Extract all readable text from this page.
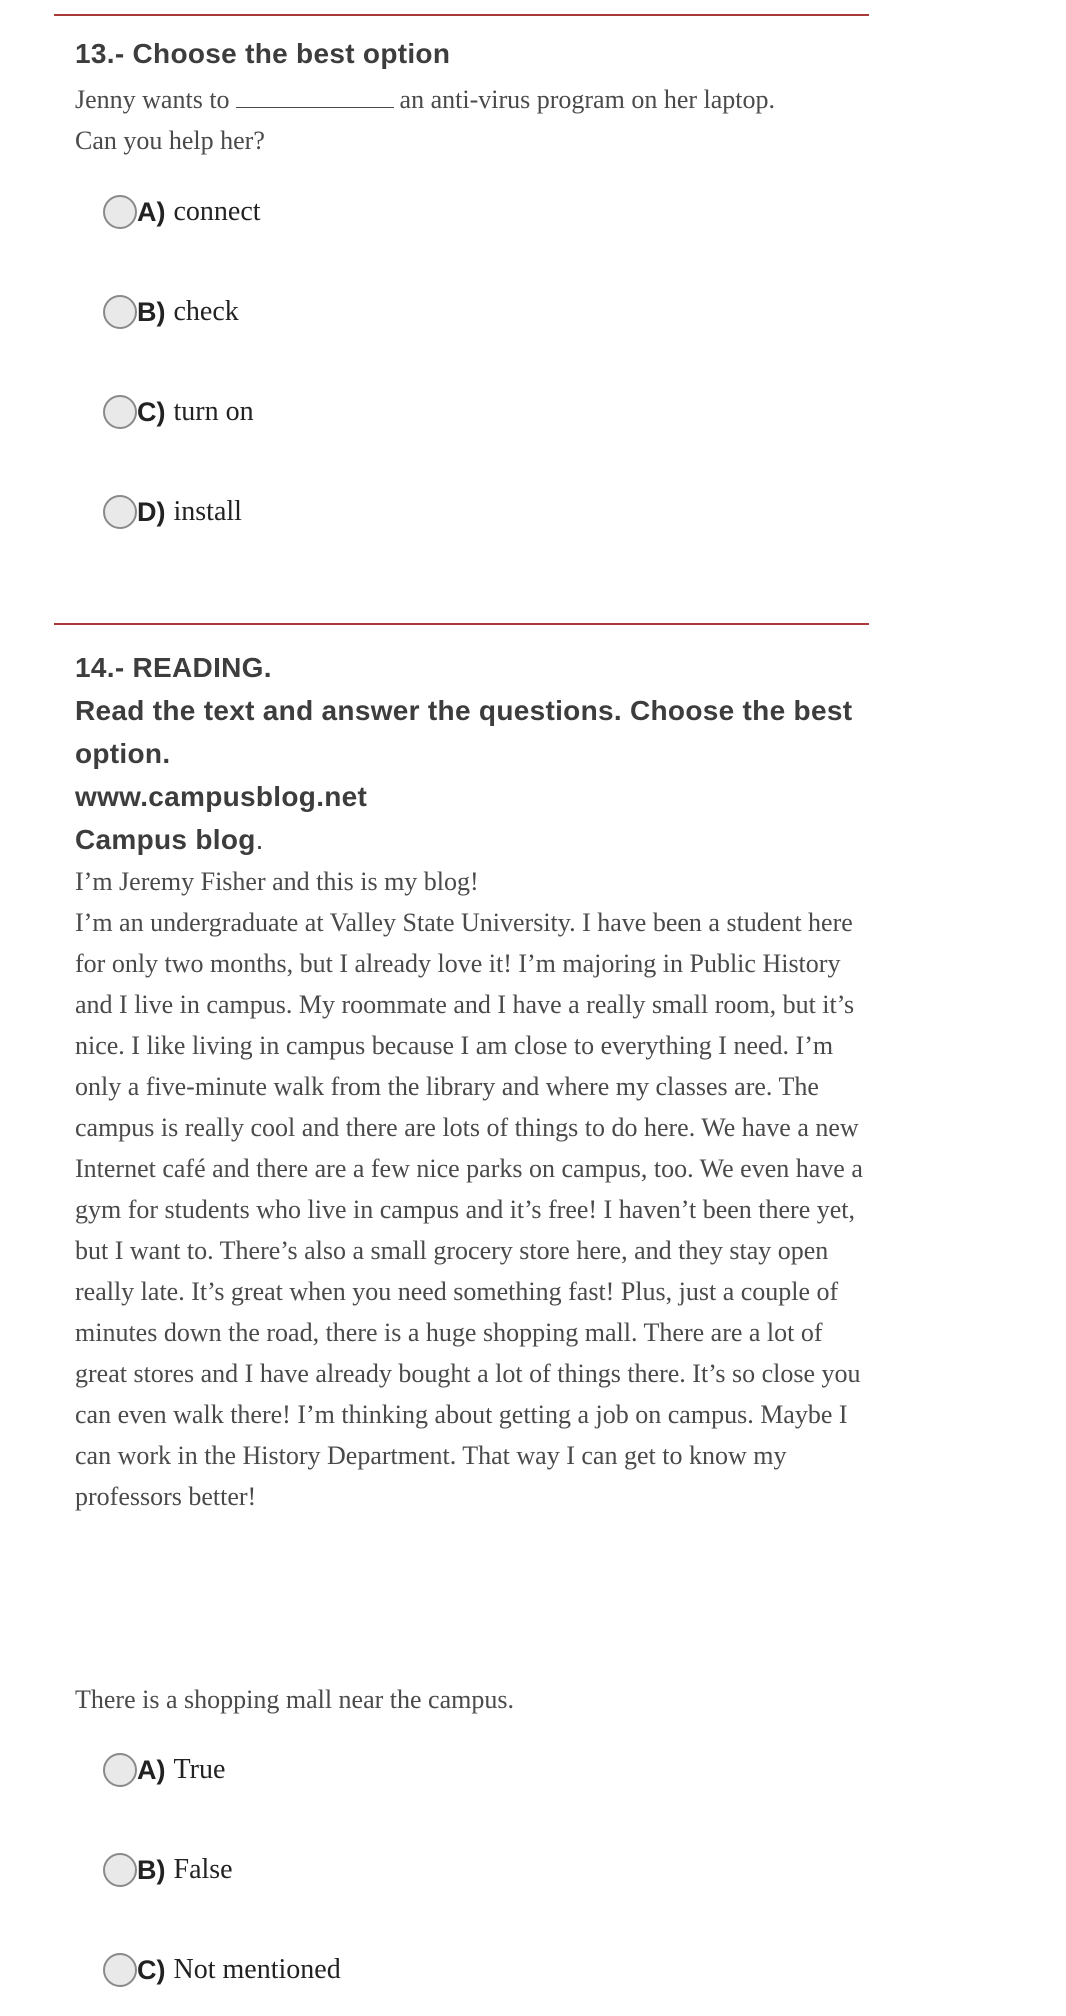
13.- Choose the best option

Jenny wants to	an anti-virus program on her laptop.

Can you help her?

A) connect
B) check
C) turn on
D) install
14.- READING.
Read the text and answer the questions. Choose the best option.
www.campusblog.net
Campus blog.

I’m Jeremy Fisher and this is my blog!

I’m an undergraduate at Valley State University. I have been a student here for only two months, but I already love it! I’m majoring in Public History and I live in campus. My roommate and I have a really small room, but it’s nice. I like living in campus because I am close to everything I need. I’m only a five-minute walk from the library and where my classes are. The campus is really cool and there are lots of things to do here. We have a new Internet café and there are a few nice parks on campus, too. We even have a gym for students who live in campus and it’s free! I haven’t been there yet, but I want to. There’s also a small grocery store here, and they stay open really late. It’s great when you need something fast! Plus, just a couple of minutes down the road, there is a huge shopping mall. There are a lot of great stores and I have already bought a lot of things there. It’s so close you can even walk there! I’m thinking about getting a job on campus. Maybe I can work in the History Department. That way I can get to know my professors better!

There is a shopping mall near the campus.

A) True
B) False
C) Not mentioned
